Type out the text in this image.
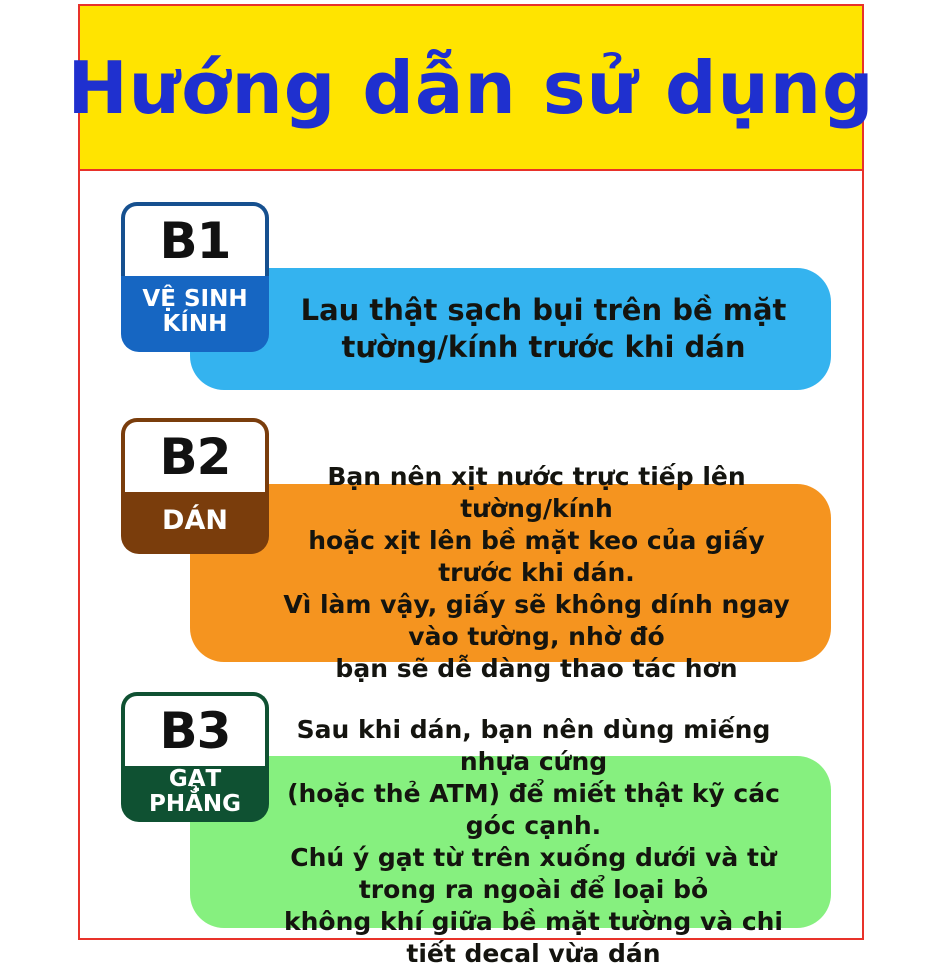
Hướng dẫn sử dụng
Lau thật sạch bụi trên bề mặt
tường/kính trước khi dán
B1
VỆ SINH
KÍNH
Bạn nên xịt nước trực tiếp lên tường/kính
hoặc xịt lên bề mặt keo của giấy trước khi dán.
Vì làm vậy, giấy sẽ không dính ngay vào tường, nhờ đó
bạn sẽ dễ dàng thao tác hơn
B2
DÁN
Sau khi dán, bạn nên dùng miếng nhựa cứng
(hoặc thẻ ATM) để miết thật kỹ các góc cạnh.
Chú ý gạt từ trên xuống dưới và từ trong ra ngoài để loại bỏ
không khí giữa bề mặt tường và chi tiết decal vừa dán
B3
GẠT PHẲNG
